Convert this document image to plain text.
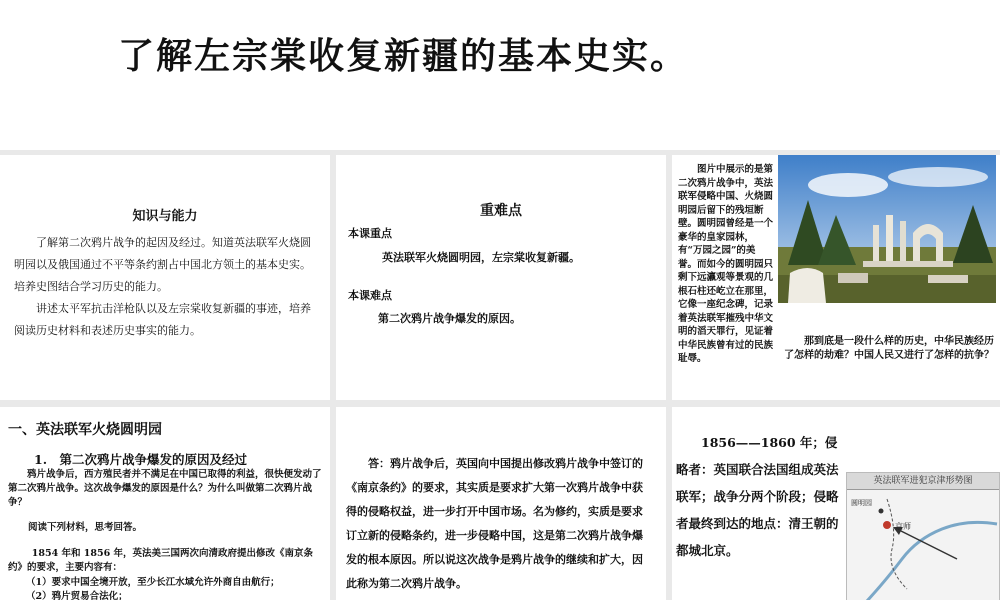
了解左宗棠收复新疆的基本史实。
知识与能力

了解第二次鸦片战争的起因及经过。知道英法联军火烧圆明园以及俄国通过不平等条约割占中国北方领土的基本史实。培养史图结合学习历史的能力。

讲述太平军抗击洋枪队以及左宗棠收复新疆的事迹，培养阅读历史材料和表述历史事实的能力。

重难点
本课重点
英法联军火烧圆明园，左宗棠收复新疆。
本课难点
第二次鸦片战争爆发的原因。
图片中展示的是第二次鸦片战争中，英法联军侵略中国、火烧圆明园后留下的残垣断壁。圆明园曾经是一个豪华的皇家园林，有“万园之园”的美誉。而如今的圆明园只剩下远瀛观等景观的几根石柱还屹立在那里，它像一座纪念碑，记录着英法联军摧残中华文明的滔天罪行，见证着中华民族曾有过的民族耻辱。
那到底是一段什么样的历史，中华民族经历了怎样的劫难？中国人民又进行了怎样的抗争？
一、英法联军火烧圆明园
1.　第二次鸦片战争爆发的原因及经过
鸦片战争后，西方殖民者并不满足在中国已取得的利益，很快便发动了第二次鸦片战争。这次战争爆发的原因是什么？为什么叫做第二次鸦片战争？
阅读下列材料，思考回答。
1854 年和 1856 年，英法美三国两次向清政府提出修改《南京条约》的要求，主要内容有：
（1）要求中国全境开放，至少长江水域允许外商自由航行；
（2）鸦片贸易合法化；
答：鸦片战争后，英国向中国提出修改鸦片战争中签订的《南京条约》的要求，其实质是要求扩大第一次鸦片战争中获得的侵略权益，进一步打开中国市场。名为修约，实质是要求订立新的侵略条约，进一步侵略中国，这是第二次鸦片战争爆发的根本原因。所以说这次战争是鸦片战争的继续和扩大，因此称为第二次鸦片战争。
1856——1860 年；侵略者：英国联合法国组成英法联军；战争分两个阶段；侵略者最终到达的地点：清王朝的都城北京。
英法联军进犯京津形势图
京师
圆明园
